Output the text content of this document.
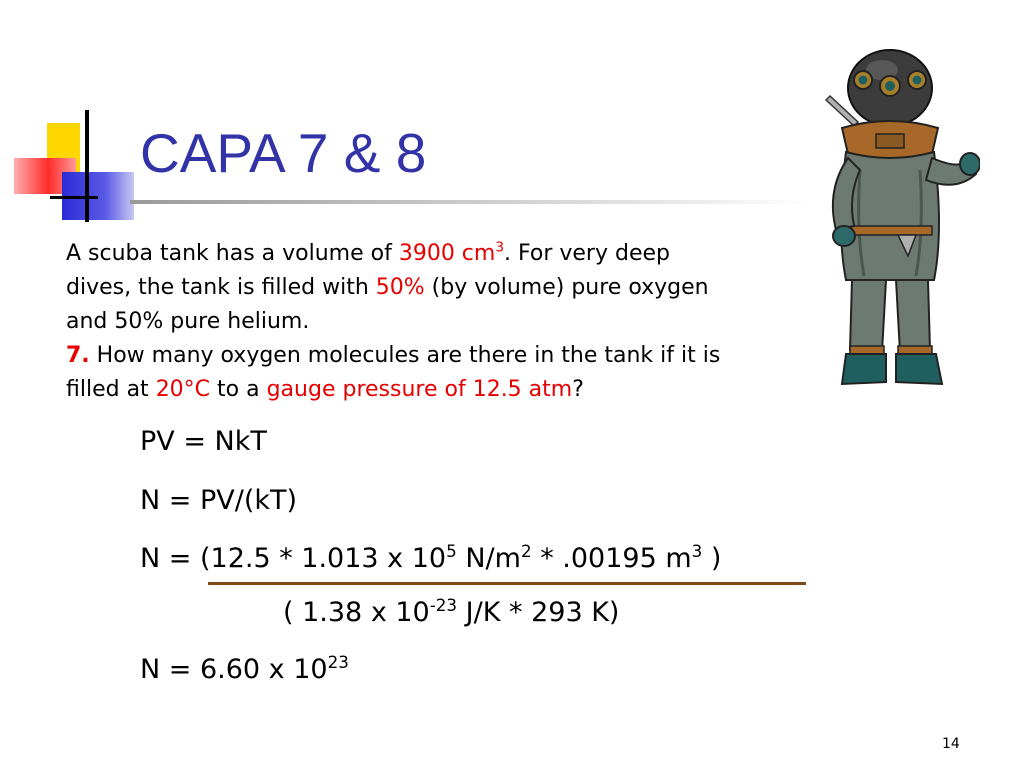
CAPA 7 & 8
A scuba tank has a volume of 3900 $cm^3$. For very deep
dives, the tank is filled with 50% (by volume) pure oxygen
and 50% pure helium.
7. How many oxygen molecules are there in the tank if it is
filled at 20°C to a gauge pressure of 12.5 atm?
PV = NkT
N = PV/(kT)
N = (12.5 * 1.013 x $10^5$ $N/m^2 * .00195$ $m^3$ )
( 1.38 x $10^{-23}$ J/K * 293 K)
N = 6.60 x $10^{23}$
14
